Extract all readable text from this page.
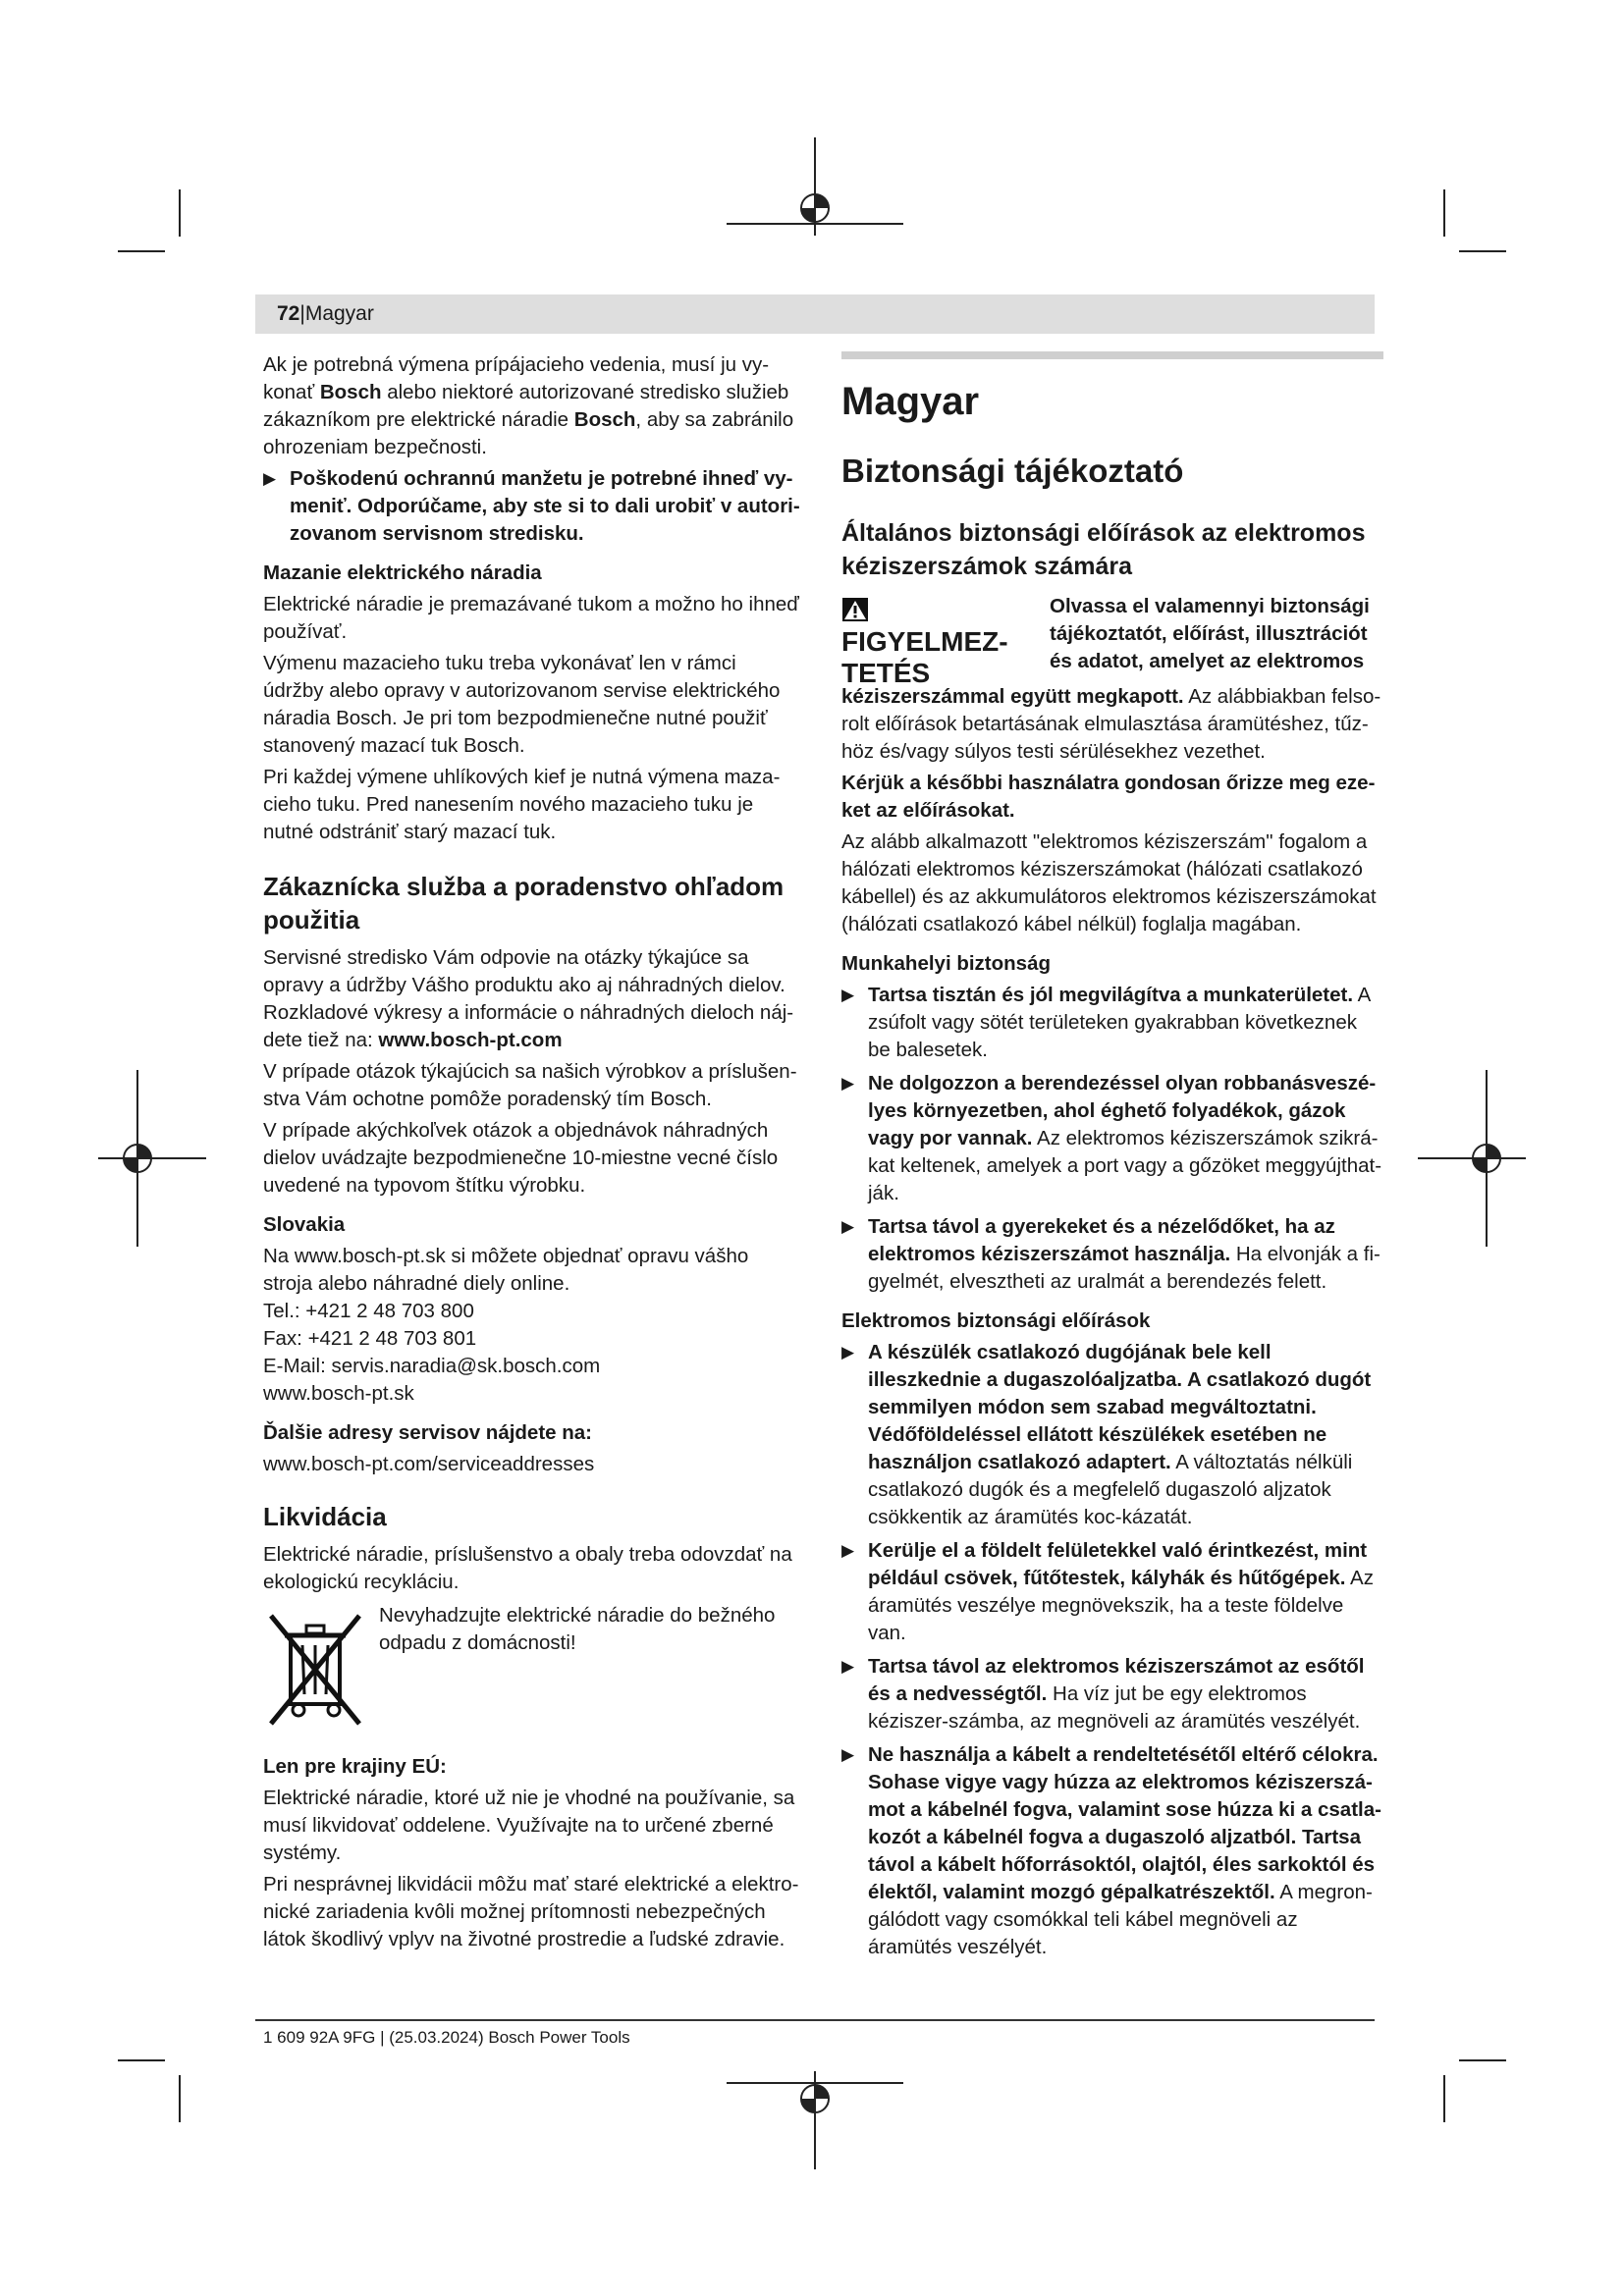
72|Magyar

Ak je potrebná výmena prípájacieho vedenia, musí ju vy- konať Bosch alebo niektoré autorizované stredisko služieb zákazníkom pre elektrické náradie Bosch, aby sa zabránilo ohrozeniam bezpečnosti.

▶ Poškodenú ochrannú manžetu je potrebné ihneď vy-meniť. Odporúčame, aby ste si to dali urobiť v autori-zovanom servisnom stredisku.
Mazanie elektrického náradia

Elektrické náradie je premazávané tukom a možno ho ihneď používať.

Výmenu mazacieho tuku treba vykonávať len v rámci údržby alebo opravy v autorizovanom servise elektrického náradia Bosch. Je pri tom bezpodmienečne nutné použiť stanovený mazací tuk Bosch.

Pri každej výmene uhlíkových kief je nutná výmena maza-cieho tuku. Pred nanesením nového mazacieho tuku je nutné odstrániť starý mazací tuk.

Zákaznícka služba a poradenstvo ohľadom použitia

Servisné stredisko Vám odpovie na otázky týkajúce sa opravy a údržby Vášho produktu ako aj náhradných dielov. Rozkladové výkresy a informácie o náhradných dieloch náj-dete tiež na: www.bosch-pt.com

V prípade otázok týkajúcich sa našich výrobkov a príslušen-stva Vám ochotne pomôže poradenský tím Bosch.

V prípade akýchkoľvek otázok a objednávok náhradných dielov uvádzajte bezpodmienečne 10-miestne vecné číslo uvedené na typovom štítku výrobku.

Slovakia
Na www.bosch-pt.sk si môžete objednať opravu vášho stroja alebo náhradné diely online.
Tel.: +421 2 48 703 800
Fax: +421 2 48 703 801
E-Mail: servis.naradia@sk.bosch.com
www.bosch-pt.sk
Ďalšie adresy servisov nájdete na:

www.bosch-pt.com/serviceaddresses

Likvidácia

Elektrické náradie, príslušenstvo a obaly treba odovzdať na ekologickú recykláciu.

Nevyhadzujte elektrické náradie do bežného odpadu z domácnosti!
Len pre krajiny EÚ:

Elektrické náradie, ktoré už nie je vhodné na používanie, sa musí likvidovať oddelene. Využívajte na to určené zberné systémy.

Pri nesprávnej likvidácii môžu mať staré elektrické a elektro-nické zariadenia kvôli možnej prítomnosti nebezpečných látok škodlivý vplyv na životné prostredie a ľudské zdravie.

Magyar
Biztonsági tájékoztató
Általános biztonsági előírások az elektromos kéziszerszámok számára
FIGYELMEZ-TETÉS
Olvassa el valamennyi biztonsági tájékoztatót, előírást, illusztrációt és adatot, amelyet az elektromos

kéziszerszámmal együtt megkapott. Az alábbiakban felso-rolt előírások betartásának elmulasztása áramütéshez, tűz-höz és/vagy súlyos testi sérülésekhez vezethet.

Kérjük a későbbi használatra gondosan őrizze meg eze-ket az előírásokat.

Az alább alkalmazott "elektromos kéziszerszám" fogalom a hálózati elektromos kéziszerszámokat (hálózati csatlakozó kábellel) és az akkumulátoros elektromos kéziszerszámokat (hálózati csatlakozó kábel nélkül) foglalja magában.

Munkahelyi biztonság
▶ Tartsa tisztán és jól megvilágítva a munkaterületet. A zsúfolt vagy sötét területeken gyakrabban következnek be balesetek.
▶ Ne dolgozzon a berendezéssel olyan robbanásveszé-lyes környezetben, ahol éghető folyadékok, gázok vagy por vannak. Az elektromos kéziszerszámok szikrá-kat keltenek, amelyek a port vagy a gőzöket meggyújthat-ják.
▶ Tartsa távol a gyerekeket és a nézelődőket, ha az elektromos kéziszerszámot használja. Ha elvonják a fi-gyelmét, elvesztheti az uralmát a berendezés felett.
Elektromos biztonsági előírások
▶ A készülék csatlakozó dugójának bele kell illeszkednie a dugaszolóaljzatba. A csatlakozó dugót semmilyen módon sem szabad megváltoztatni. Védőföldeléssel ellátott készülékek esetében ne használjon csatlakozó adaptert. A változtatás nélküli csatlakozó dugók és a megfelelő dugaszoló aljzatok csökkentik az áramütés koc-kázatát.
▶ Kerülje el a földelt felületekkel való érintkezést, mint például csövek, fűtőtestek, kályhák és hűtőgépek. Az áramütés veszélye megnövekszik, ha a teste földelve van.
▶ Tartsa távol az elektromos kéziszerszámot az esőtől és a nedvességtől. Ha víz jut be egy elektromos kéziszer-számba, az megnöveli az áramütés veszélyét.
▶ Ne használja a kábelt a rendeltetésétől eltérő célokra. Sohase vigye vagy húzza az elektromos kéziszerszá-mot a kábelnél fogva, valamint sose húzza ki a csatla-kozót a kábelnél fogva a dugaszoló aljzatból. Tartsa távol a kábelt hőforrásoktól, olajtól, éles sarkoktól és élektől, valamint mozgó gépalkatrészektől. A megron-gálódott vagy csomókkal teli kábel megnöveli az áramütés veszélyét.
1 609 92A 9FG | (25.03.2024) Bosch Power Tools
